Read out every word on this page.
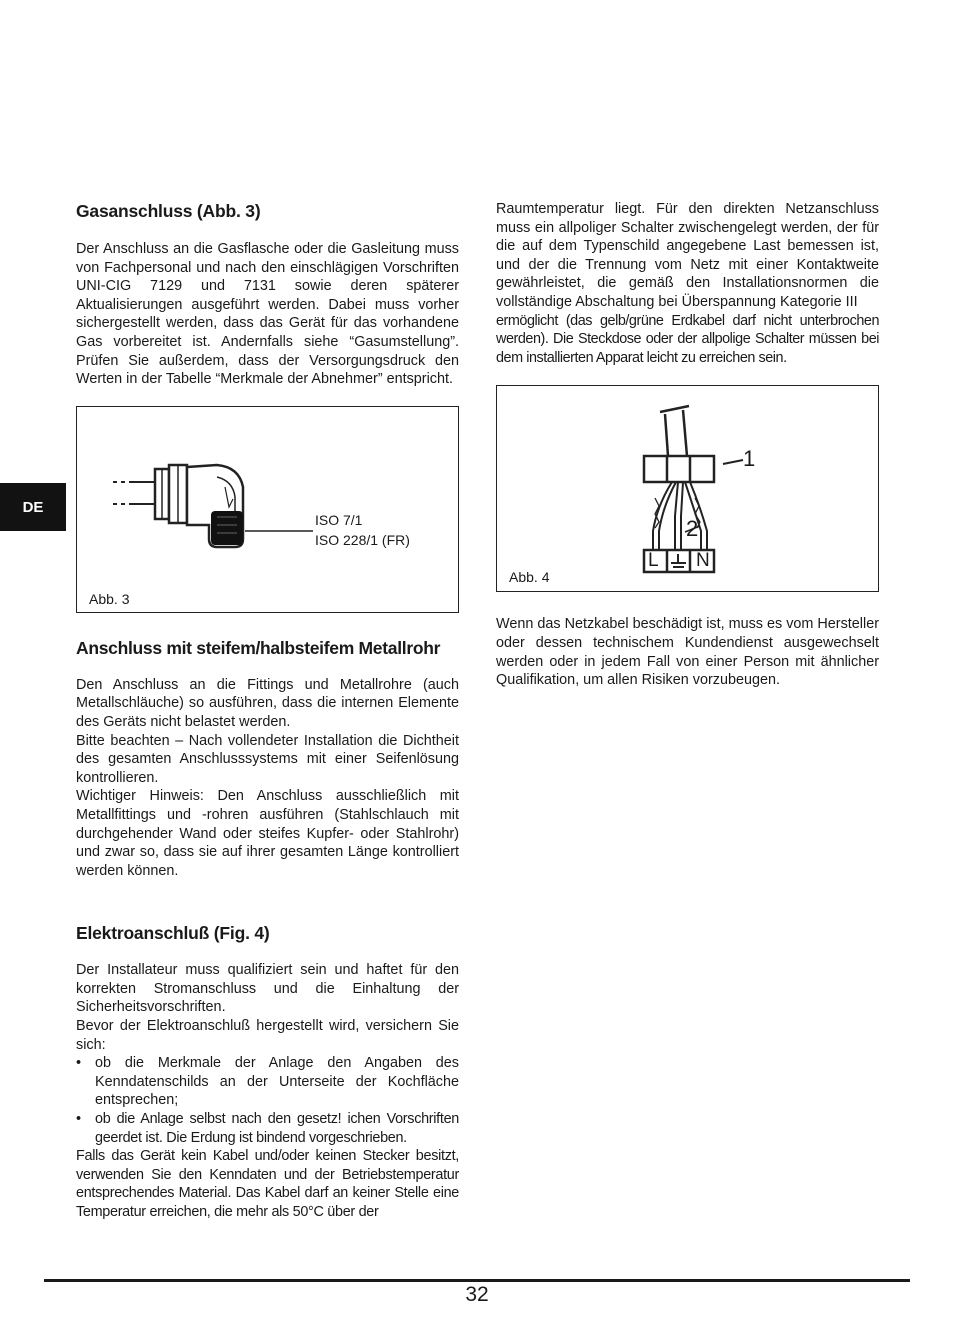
DE
Gasanschluss (Abb. 3)

Der Anschluss an die Gasflasche oder die Gasleitung muss von Fachpersonal und nach den einschlägigen Vorschriften UNI-CIG 7129 und 7131 sowie deren späterer Aktualisierungen ausgeführt werden. Dabei muss vorher sichergestellt werden, dass das Gerät für das vorhandene Gas vorbereitet ist. Andernfalls siehe “Gasumstellung”. Prüfen Sie außerdem, dass der Versorgungsdruck den Werten in der Tabelle “Merkmale der Abnehmer” entspricht.

ISO 7/1
ISO 228/1 (FR)
Abb. 3
Anschluss mit steifem/halbsteifem Metallrohr

Den Anschluss an die Fittings und Metallrohre (auch Metallschläuche) so ausführen, dass die internen Elemente des Geräts nicht belastet werden.

Bitte beachten – Nach vollendeter Installation die Dichtheit des gesamten Anschlusssystems mit einer Seifenlösung kontrollieren.

Wichtiger Hinweis: Den Anschluss ausschließlich mit Metallfittings und -rohren ausführen (Stahlschlauch mit durchgehender Wand oder steifes Kupfer- oder Stahlrohr) und zwar so, dass sie auf ihrer gesamten Länge kontrolliert werden können.

Elektroanschluß (Fig. 4)

Der Installateur muss qualifiziert sein und haftet für den korrekten Stromanschluss und die Einhaltung der Sicherheitsvorschriften.

Bevor der Elektroanschluß hergestellt wird, versichern Sie sich:

• ob die Merkmale der Anlage den Angaben des Kenndatenschilds an der Unterseite der Kochfläche entsprechen;
• ob die Anlage selbst nach den gesetz! ichen Vorschriften geerdet ist. Die Erdung ist bindend vorgeschrieben.

Falls das Gerät kein Kabel und/oder keinen Stecker besitzt, verwenden Sie den Kenndaten und der Betriebstemperatur entsprechendes Material. Das Kabel darf an keiner Stelle eine Temperatur erreichen, die mehr als 50°C über der

Raumtemperatur liegt. Für den direkten Netzanschluss muss ein allpoliger Schalter zwischengelegt werden, der für die auf dem Typenschild angegebene Last bemessen ist, und der die Trennung vom Netz mit einer Kontaktweite gewährleistet, die gemäß den Installationsnormen die vollständige Abschaltung bei Überspannung Kategorie III

ermöglicht (das gelb/grüne Erdkabel darf nicht unterbrochen werden). Die Steckdose oder der allpolige Schalter müssen bei dem installierten Apparat leicht zu erreichen sein.

1
2
L N
Abb. 4

Wenn das Netzkabel beschädigt ist, muss es vom Hersteller oder dessen technischem Kundendienst ausgewechselt werden oder in jedem Fall von einer Person mit ähnlicher Qualifikation, um allen Risiken vorzubeugen.

32
